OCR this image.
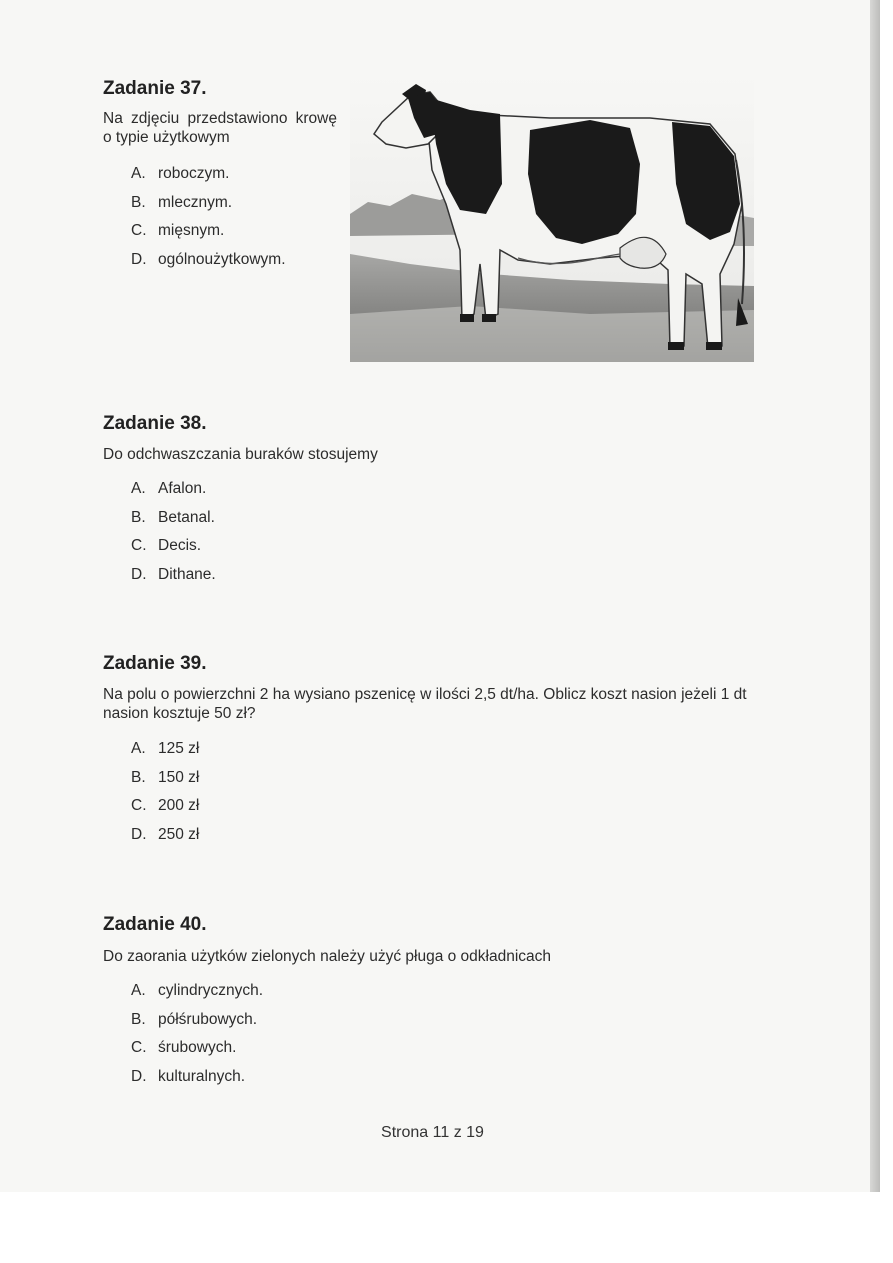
Zadanie 37.

Na zdjęciu przedstawiono krowę o typie użytkowym

A. roboczym.
B. mlecznym.
C. mięsnym.
D. ogólnoużytkowym.
Zadanie 38.

Do odchwaszczania buraków stosujemy

A. Afalon.
B. Betanal.
C. Decis.
D. Dithane.
Zadanie 39.

Na polu o powierzchni 2 ha wysiano pszenicę w ilości 2,5 dt/ha. Oblicz koszt nasion jeżeli 1 dt nasion kosztuje 50 zł?

A. 125 zł
B. 150 zł
C. 200 zł
D. 250 zł
Zadanie 40.

Do zaorania użytków zielonych należy użyć pługa o odkładnicach

A. cylindrycznych.
B. półśrubowych.
C. śrubowych.
D. kulturalnych.
Strona 11 z 19
